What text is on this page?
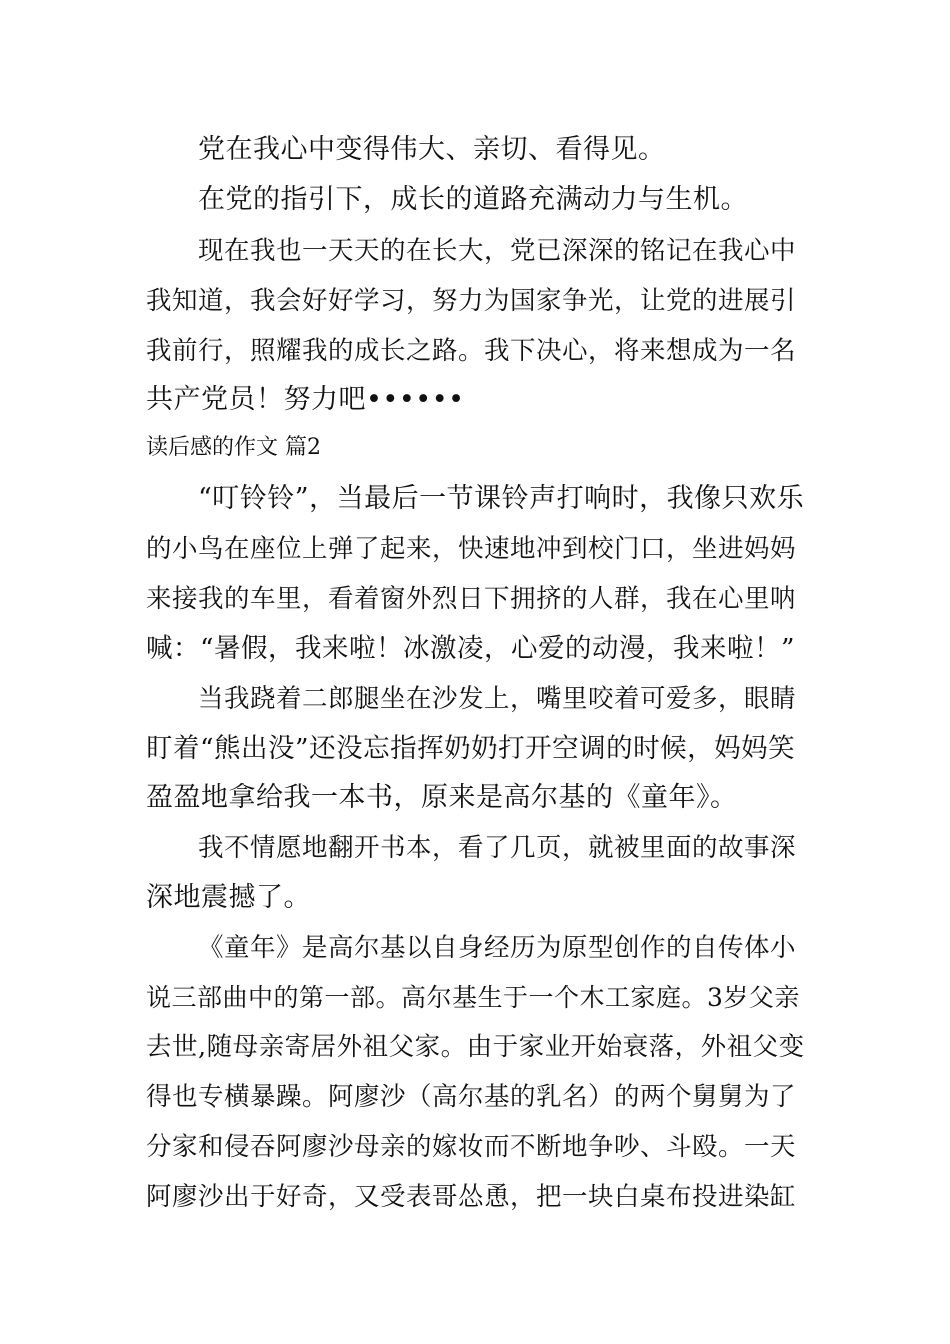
党在我心中变得伟大、亲切、看得见。
在党的指引下，成长的道路充满动力与生机。
现在我也一天天的在长大，党已深深的铭记在我心中
我知道，我会好好学习，努力为国家争光，让党的进展引
我前行，照耀我的成长之路。我下决心，将来想成为一名
共产党员！努力吧••••••
读后感的作文 篇2
“叮铃铃”，当最后一节课铃声打响时，我像只欢乐
的小鸟在座位上弹了起来，快速地冲到校门口，坐进妈妈
来接我的车里，看着窗外烈日下拥挤的人群，我在心里呐
喊：“暑假，我来啦！冰激凌，心爱的动漫，我来啦！”
当我跷着二郎腿坐在沙发上，嘴里咬着可爱多，眼睛
盯着“熊出没”还没忘指挥奶奶打开空调的时候，妈妈笑
盈盈地拿给我一本书，原来是高尔基的《童年》。
我不情愿地翻开书本，看了几页，就被里面的故事深
深地震撼了。
《童年》是高尔基以自身经历为原型创作的自传体小
说三部曲中的第一部。高尔基生于一个木工家庭。3岁父亲
去世,随母亲寄居外祖父家。由于家业开始衰落，外祖父变
得也专横暴躁。阿廖沙（高尔基的乳名）的两个舅舅为了
分家和侵吞阿廖沙母亲的嫁妆而不断地争吵、斗殴。一天
阿廖沙出于好奇，又受表哥怂恿，把一块白桌布投进染缸
